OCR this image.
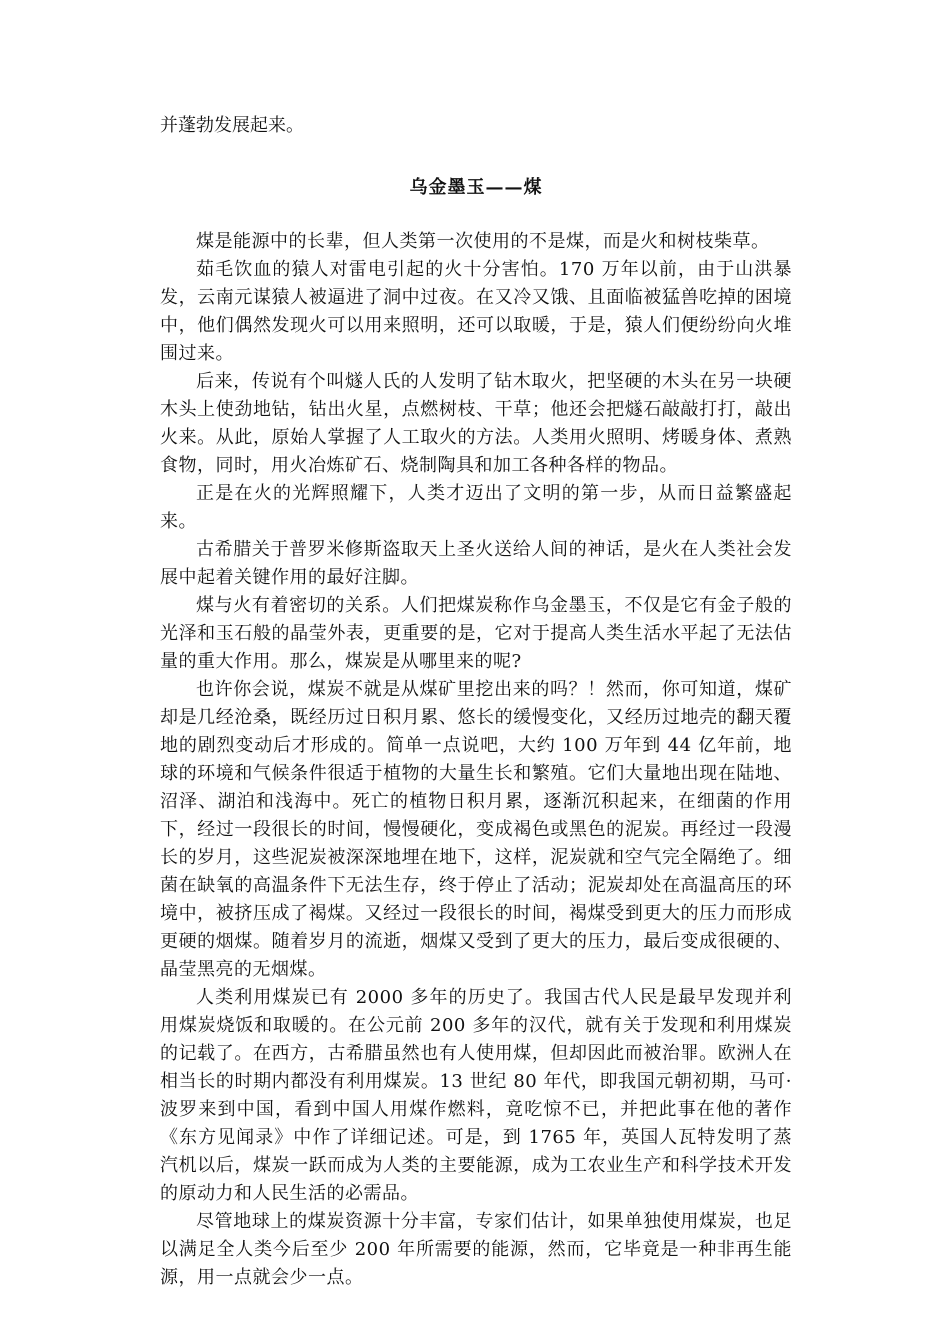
并蓬勃发展起来。

乌金墨玉——煤

煤是能源中的长辈，但人类第一次使用的不是煤，而是火和树枝柴草。

茹毛饮血的猿人对雷电引起的火十分害怕。170 万年以前，由于山洪暴发，云南元谋猿人被逼进了洞中过夜。在又冷又饿、且面临被猛兽吃掉的困境中，他们偶然发现火可以用来照明，还可以取暖，于是，猿人们便纷纷向火堆围过来。

后来，传说有个叫燧人氏的人发明了钻木取火，把坚硬的木头在另一块硬木头上使劲地钻，钻出火星，点燃树枝、干草；他还会把燧石敲敲打打，敲出火来。从此，原始人掌握了人工取火的方法。人类用火照明、烤暖身体、煮熟食物，同时，用火冶炼矿石、烧制陶具和加工各种各样的物品。

正是在火的光辉照耀下，人类才迈出了文明的第一步，从而日益繁盛起来。

古希腊关于普罗米修斯盗取天上圣火送给人间的神话，是火在人类社会发展中起着关键作用的最好注脚。

煤与火有着密切的关系。人们把煤炭称作乌金墨玉，不仅是它有金子般的光泽和玉石般的晶莹外表，更重要的是，它对于提高人类生活水平起了无法估量的重大作用。那么，煤炭是从哪里来的呢?

也许你会说，煤炭不就是从煤矿里挖出来的吗？！然而，你可知道，煤矿却是几经沧桑，既经历过日积月累、悠长的缓慢变化，又经历过地壳的翻天覆地的剧烈变动后才形成的。简单一点说吧，大约 100 万年到 44 亿年前，地球的环境和气候条件很适于植物的大量生长和繁殖。它们大量地出现在陆地、沼泽、湖泊和浅海中。死亡的植物日积月累，逐渐沉积起来，在细菌的作用下，经过一段很长的时间，慢慢硬化，变成褐色或黑色的泥炭。再经过一段漫长的岁月，这些泥炭被深深地埋在地下，这样，泥炭就和空气完全隔绝了。细菌在缺氧的高温条件下无法生存，终于停止了活动；泥炭却处在高温高压的环境中，被挤压成了褐煤。又经过一段很长的时间，褐煤受到更大的压力而形成更硬的烟煤。随着岁月的流逝，烟煤又受到了更大的压力，最后变成很硬的、晶莹黑亮的无烟煤。

人类利用煤炭已有 2000 多年的历史了。我国古代人民是最早发现并利用煤炭烧饭和取暖的。在公元前 200 多年的汉代，就有关于发现和利用煤炭的记载了。在西方，古希腊虽然也有人使用煤，但却因此而被治罪。欧洲人在相当长的时期内都没有利用煤炭。13 世纪 80 年代，即我国元朝初期，马可·波罗来到中国，看到中国人用煤作燃料，竟吃惊不已，并把此事在他的著作《东方见闻录》中作了详细记述。可是，到 1765 年，英国人瓦特发明了蒸汽机以后，煤炭一跃而成为人类的主要能源，成为工农业生产和科学技术开发的原动力和人民生活的必需品。

尽管地球上的煤炭资源十分丰富，专家们估计，如果单独使用煤炭，也足以满足全人类今后至少 200 年所需要的能源，然而，它毕竟是一种非再生能源，用一点就会少一点。
